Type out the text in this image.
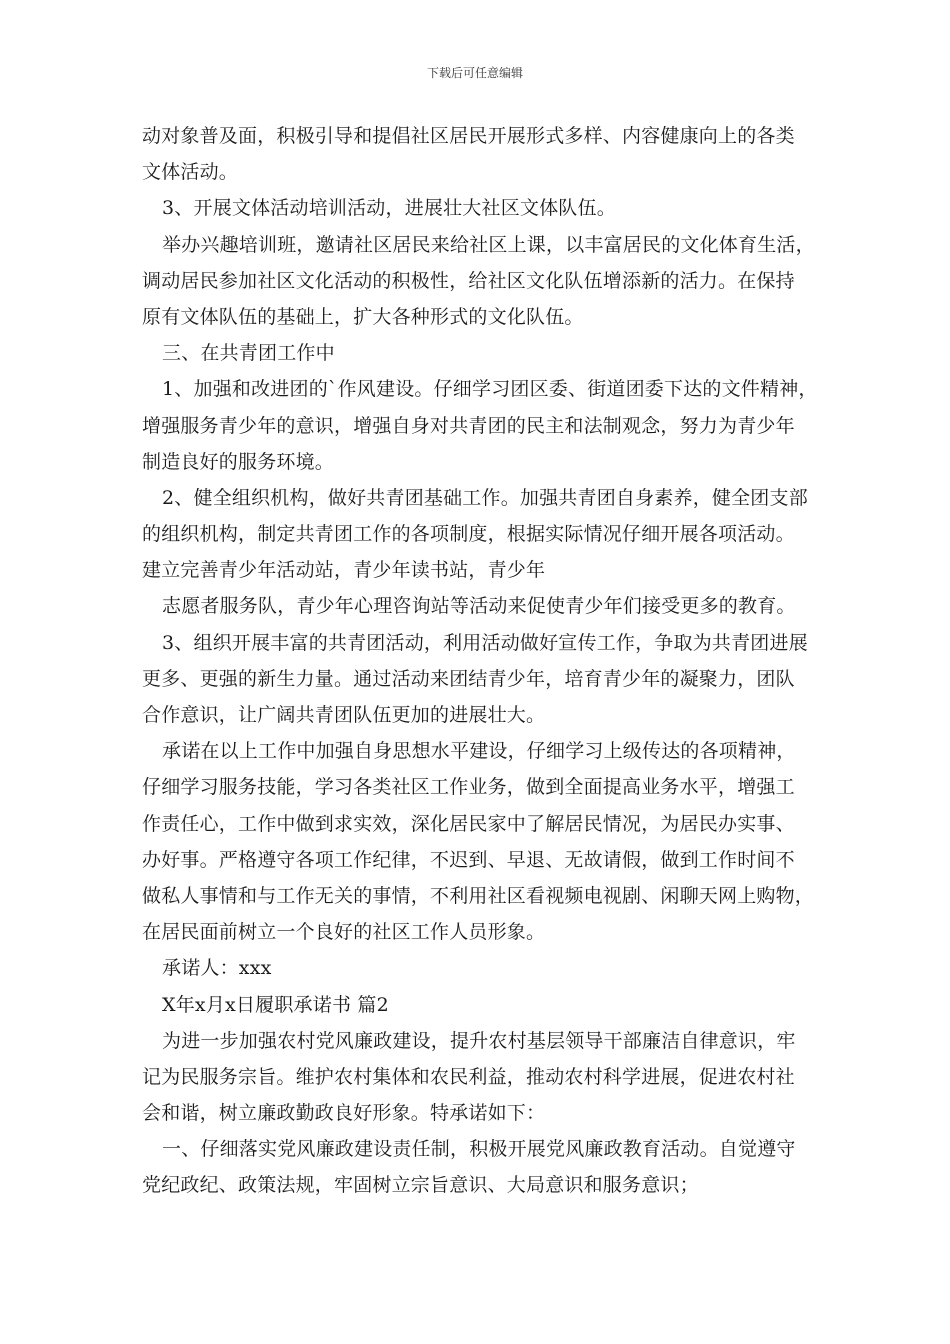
下载后可任意编辑
动对象普及面，积极引导和提倡社区居民开展形式多样、内容健康向上的各类
文体活动。
3、开展文体活动培训活动，进展壮大社区文体队伍。
举办兴趣培训班，邀请社区居民来给社区上课，以丰富居民的文化体育生活，
调动居民参加社区文化活动的积极性，给社区文化队伍增添新的活力。在保持
原有文体队伍的基础上，扩大各种形式的文化队伍。
三、在共青团工作中
1、加强和改进团的`作风建设。仔细学习团区委、街道团委下达的文件精神，
增强服务青少年的意识，增强自身对共青团的民主和法制观念，努力为青少年
制造良好的服务环境。
2、健全组织机构，做好共青团基础工作。加强共青团自身素养，健全团支部
的组织机构，制定共青团工作的各项制度，根据实际情况仔细开展各项活动。
建立完善青少年活动站，青少年读书站，青少年
志愿者服务队，青少年心理咨询站等活动来促使青少年们接受更多的教育。
3、组织开展丰富的共青团活动，利用活动做好宣传工作，争取为共青团进展
更多、更强的新生力量。通过活动来团结青少年，培育青少年的凝聚力，团队
合作意识，让广阔共青团队伍更加的进展壮大。
承诺在以上工作中加强自身思想水平建设，仔细学习上级传达的各项精神，
仔细学习服务技能，学习各类社区工作业务，做到全面提高业务水平，增强工
作责任心，工作中做到求实效，深化居民家中了解居民情况，为居民办实事、
办好事。严格遵守各项工作纪律，不迟到、早退、无故请假，做到工作时间不
做私人事情和与工作无关的事情，不利用社区看视频电视剧、闲聊天网上购物，
在居民面前树立一个良好的社区工作人员形象。
承诺人：xxx
X年x月x日履职承诺书 篇2
为进一步加强农村党风廉政建设，提升农村基层领导干部廉洁自律意识，牢
记为民服务宗旨。维护农村集体和农民利益，推动农村科学进展，促进农村社
会和谐，树立廉政勤政良好形象。特承诺如下：
一、仔细落实党风廉政建设责任制，积极开展党风廉政教育活动。自觉遵守
党纪政纪、政策法规，牢固树立宗旨意识、大局意识和服务意识；
